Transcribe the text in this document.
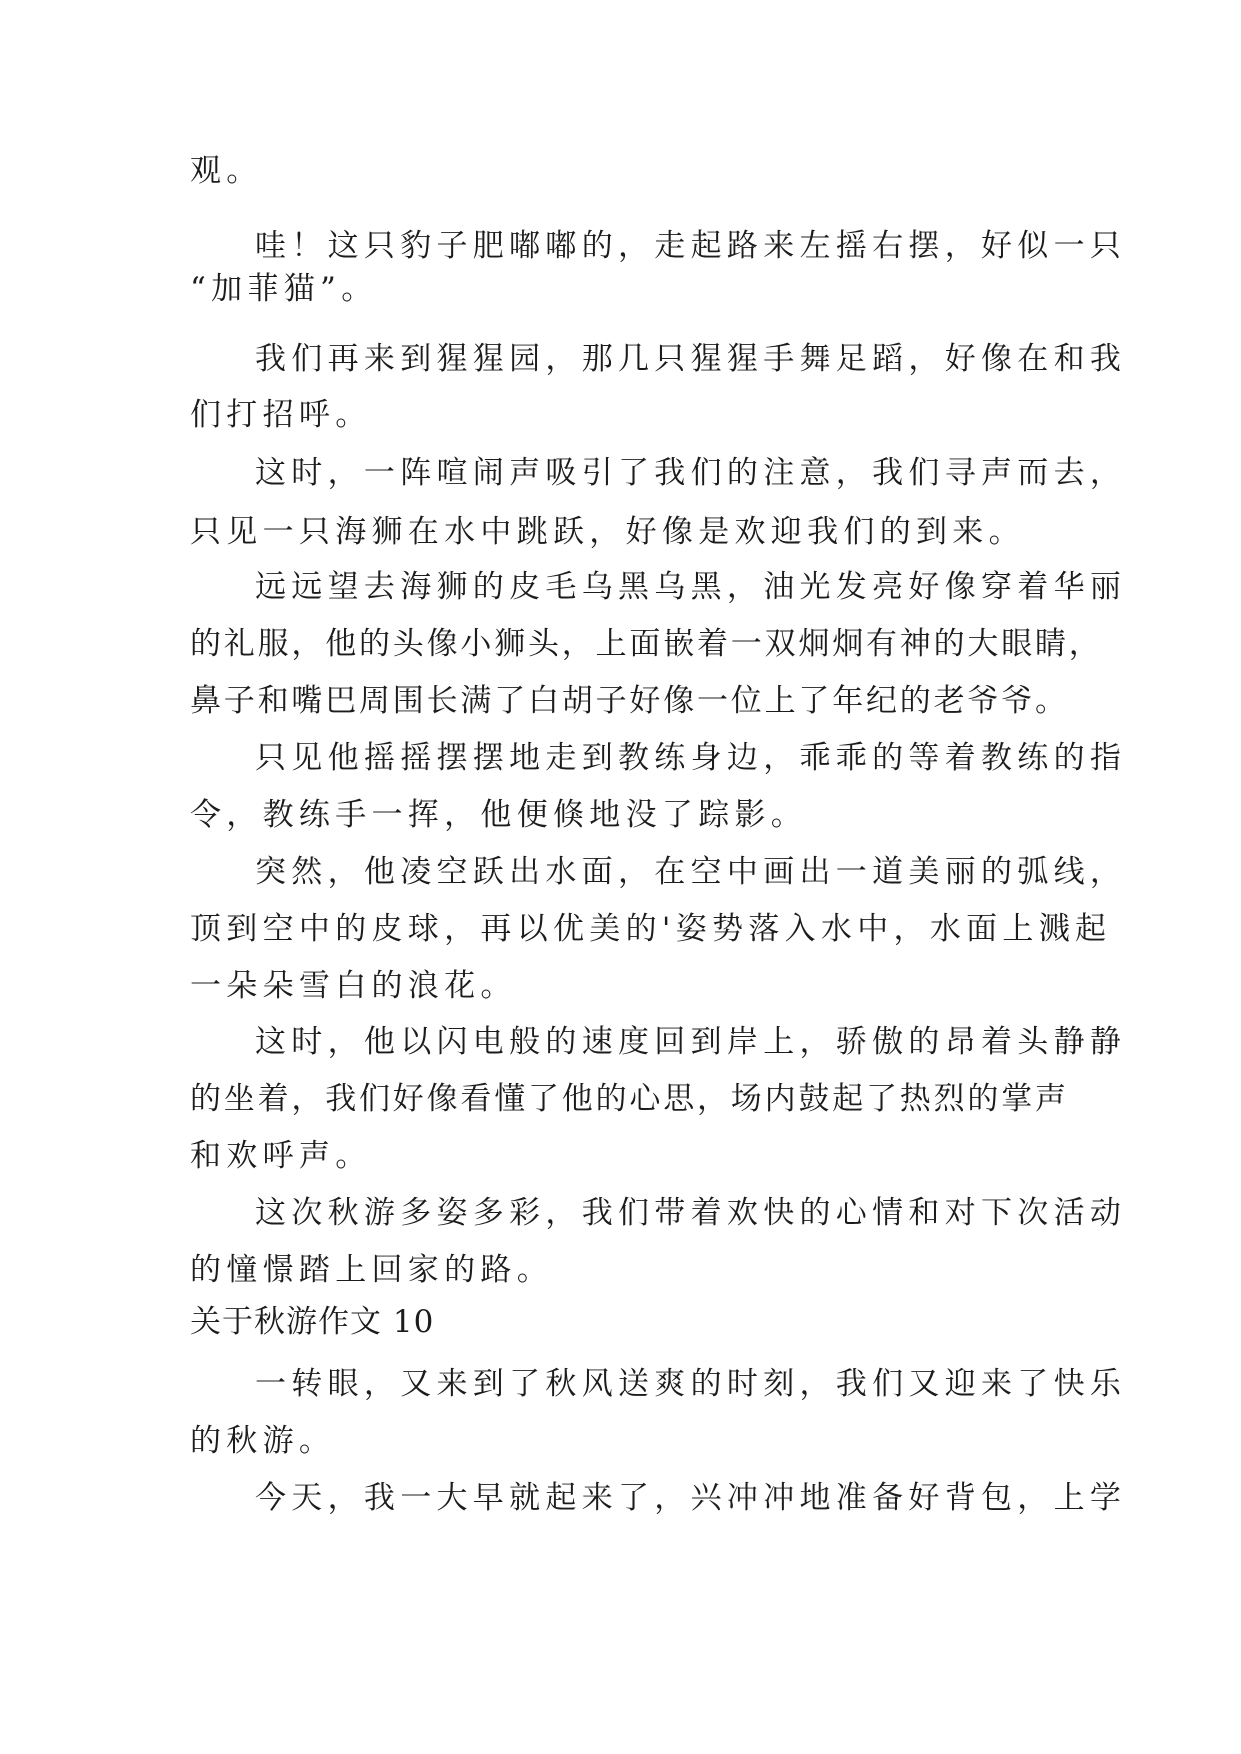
观。

哇！这只豹子肥嘟嘟的，走起路来左摇右摆，好似一只

“加菲猫”。

我们再来到猩猩园，那几只猩猩手舞足蹈，好像在和我

们打招呼。

这时，一阵喧闹声吸引了我们的注意，我们寻声而去，

只见一只海狮在水中跳跃，好像是欢迎我们的到来。

远远望去海狮的皮毛乌黑乌黑，油光发亮好像穿着华丽

的礼服，他的头像小狮头，上面嵌着一双炯炯有神的大眼睛，

鼻子和嘴巴周围长满了白胡子好像一位上了年纪的老爷爷。

只见他摇摇摆摆地走到教练身边，乖乖的等着教练的指

令，教练手一挥，他便倏地没了踪影。

突然，他凌空跃出水面，在空中画出一道美丽的弧线，

顶到空中的皮球，再以优美的'姿势落入水中，水面上溅起

一朵朵雪白的浪花。

这时，他以闪电般的速度回到岸上，骄傲的昂着头静静

的坐着，我们好像看懂了他的心思，场内鼓起了热烈的掌声

和欢呼声。

这次秋游多姿多彩，我们带着欢快的心情和对下次活动

的憧憬踏上回家的路。

关于秋游作文 10

一转眼，又来到了秋风送爽的时刻，我们又迎来了快乐

的秋游。

今天，我一大早就起来了，兴冲冲地准备好背包，上学
